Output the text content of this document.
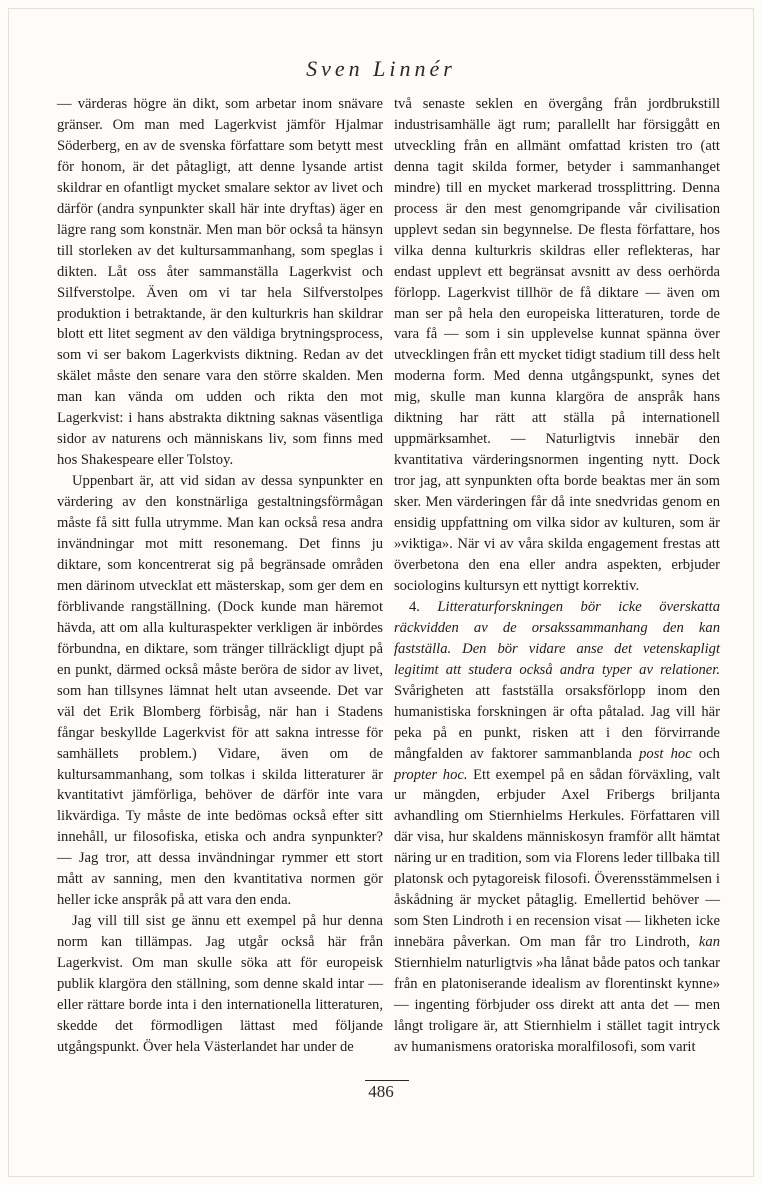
Sven Linnér

— värderas högre än dikt, som arbetar inom snävare gränser. Om man med Lagerkvist jämför Hjalmar Söderberg, en av de svenska författare som betytt mest för honom, är det påtagligt, att denne lysande artist skildrar en ofantligt mycket smalare sektor av livet och därför (andra synpunkter skall här inte dryftas) äger en lägre rang som konstnär. Men man bör också ta hänsyn till storleken av det kultursammanhang, som speglas i dikten. Låt oss åter sammanställa Lagerkvist och Silfverstolpe. Även om vi tar hela Silfverstolpes produktion i betraktande, är den kulturkris han skildrar blott ett litet segment av den väldiga brytningsprocess, som vi ser bakom Lagerkvists diktning. Redan av det skälet måste den senare vara den större skalden. Men man kan vända om udden och rikta den mot Lagerkvist: i hans abstrakta diktning saknas väsentliga sidor av naturens och människans liv, som finns med hos Shakespeare eller Tolstoy.

Uppenbart är, att vid sidan av dessa synpunkter en värdering av den konstnärliga gestaltningsförmågan måste få sitt fulla utrymme. Man kan också resa andra invändningar mot mitt resonemang. Det finns ju diktare, som koncentrerat sig på begränsade områden men därinom utvecklat ett mästerskap, som ger dem en förblivande rangställning. (Dock kunde man häremot hävda, att om alla kulturaspekter verkligen är inbördes förbundna, en diktare, som tränger tillräckligt djupt på en punkt, därmed också måste beröra de sidor av livet, som han tillsynes lämnat helt utan avseende. Det var väl det Erik Blomberg förbisåg, när han i Stadens fångar beskyllde Lagerkvist för att sakna intresse för samhällets problem.) Vidare, även om de kultursammanhang, som tolkas i skilda litteraturer är kvantitativt jämförliga, behöver de därför inte vara likvärdiga. Ty måste de inte bedömas också efter sitt innehåll, ur filosofiska, etiska och andra synpunkter? — Jag tror, att dessa invändningar rymmer ett stort mått av sanning, men den kvantitativa normen gör heller icke anspråk på att vara den enda.

Jag vill till sist ge ännu ett exempel på hur denna norm kan tillämpas. Jag utgår också här från Lagerkvist. Om man skulle söka att för europeisk publik klargöra den ställning, som denne skald intar — eller rättare borde inta i den internationella litteraturen, skedde det förmodligen lättast med följande utgångspunkt. Över hela Västerlandet har under de

två senaste seklen en övergång från jordbrukstill industrisamhälle ägt rum; parallellt har försiggått en utveckling från en allmänt omfattad kristen tro (att denna tagit skilda former, betyder i sammanhanget mindre) till en mycket markerad trossplittring. Denna process är den mest genomgripande vår civilisation upplevt sedan sin begynnelse. De flesta författare, hos vilka denna kulturkris skildras eller reflekteras, har endast upplevt ett begränsat avsnitt av dess oerhörda förlopp. Lagerkvist tillhör de få diktare — även om man ser på hela den europeiska litteraturen, torde de vara få — som i sin upplevelse kunnat spänna över utvecklingen från ett mycket tidigt stadium till dess helt moderna form. Med denna utgångspunkt, synes det mig, skulle man kunna klargöra de anspråk hans diktning har rätt att ställa på internationell uppmärksamhet. — Naturligtvis innebär den kvantitativa värderingsnormen ingenting nytt. Dock tror jag, att synpunkten ofta borde beaktas mer än som sker. Men värderingen får då inte snedvridas genom en ensidig uppfattning om vilka sidor av kulturen, som är »viktiga». När vi av våra skilda engagement frestas att överbetona den ena eller andra aspekten, erbjuder sociologins kultursyn ett nyttigt korrektiv.

4. Litteraturforskningen bör icke överskatta räckvidden av de orsakssammanhang den kan fastställa. Den bör vidare anse det vetenskapligt legitimt att studera också andra typer av relationer. Svårigheten att fastställa orsaksförlopp inom den humanistiska forskningen är ofta påtalad. Jag vill här peka på en punkt, risken att i den förvirrande mångfalden av faktorer sammanblanda post hoc och propter hoc. Ett exempel på en sådan förväxling, valt ur mängden, erbjuder Axel Fribergs briljanta avhandling om Stiernhielms Herkules. Författaren vill där visa, hur skaldens människosyn framför allt hämtat näring ur en tradition, som via Florens leder tillbaka till platonsk och pytagoreisk filosofi. Överensstämmelsen i åskådning är mycket påtaglig. Emellertid behöver — som Sten Lindroth i en recension visat — likheten icke innebära påverkan. Om man får tro Lindroth, kan Stiernhielm naturligtvis »ha lånat både patos och tankar från en platoniserande idealism av florentinskt kynne» — ingenting förbjuder oss direkt att anta det — men långt troligare är, att Stiernhielm i stället tagit intryck av humanismens oratoriska moralfilosofi, som varit

486
